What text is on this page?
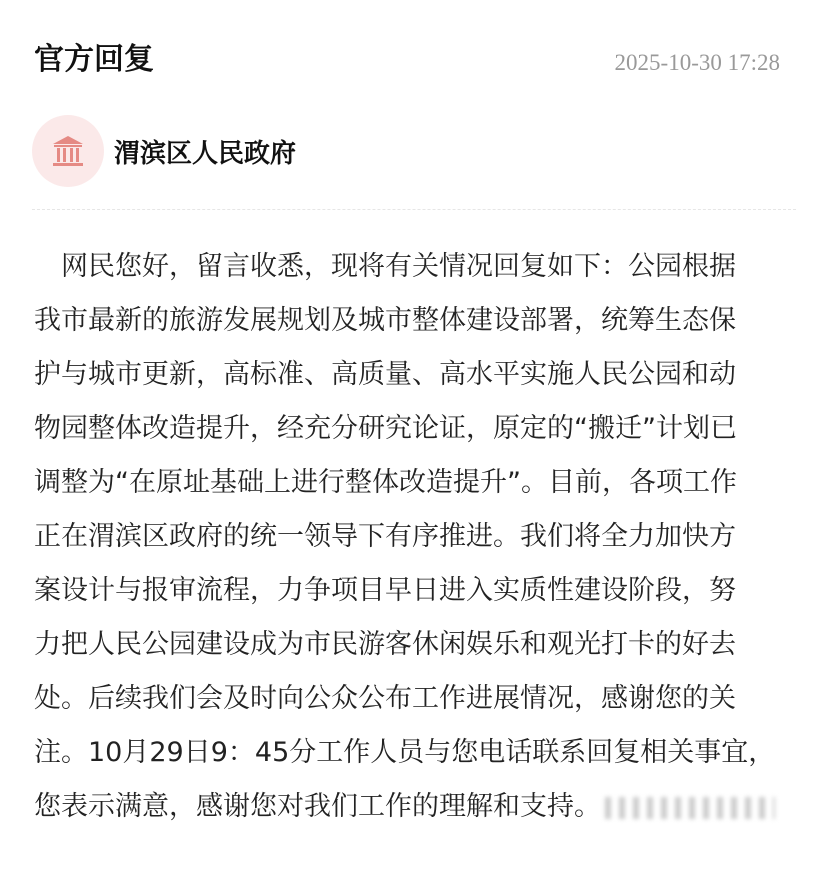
官方回复	2025-10-30 17:28
渭滨区人民政府
　网民您好，留言收悉，现将有关情况回复如下：公园根据
我市最新的旅游发展规划及城市整体建设部署，统筹生态保
护与城市更新，高标准、高质量、高水平实施人民公园和动
物园整体改造提升，经充分研究论证，原定的“搬迁”计划已
调整为“在原址基础上进行整体改造提升”。目前，各项工作
正在渭滨区政府的统一领导下有序推进。我们将全力加快方
案设计与报审流程，力争项目早日进入实质性建设阶段，努
力把人民公园建设成为市民游客休闲娱乐和观光打卡的好去
处。后续我们会及时向公众公布工作进展情况，感谢您的关
注。10月29日9：45分工作人员与您电话联系回复相关事宜，
您表示满意，感谢您对我们工作的理解和支持。
